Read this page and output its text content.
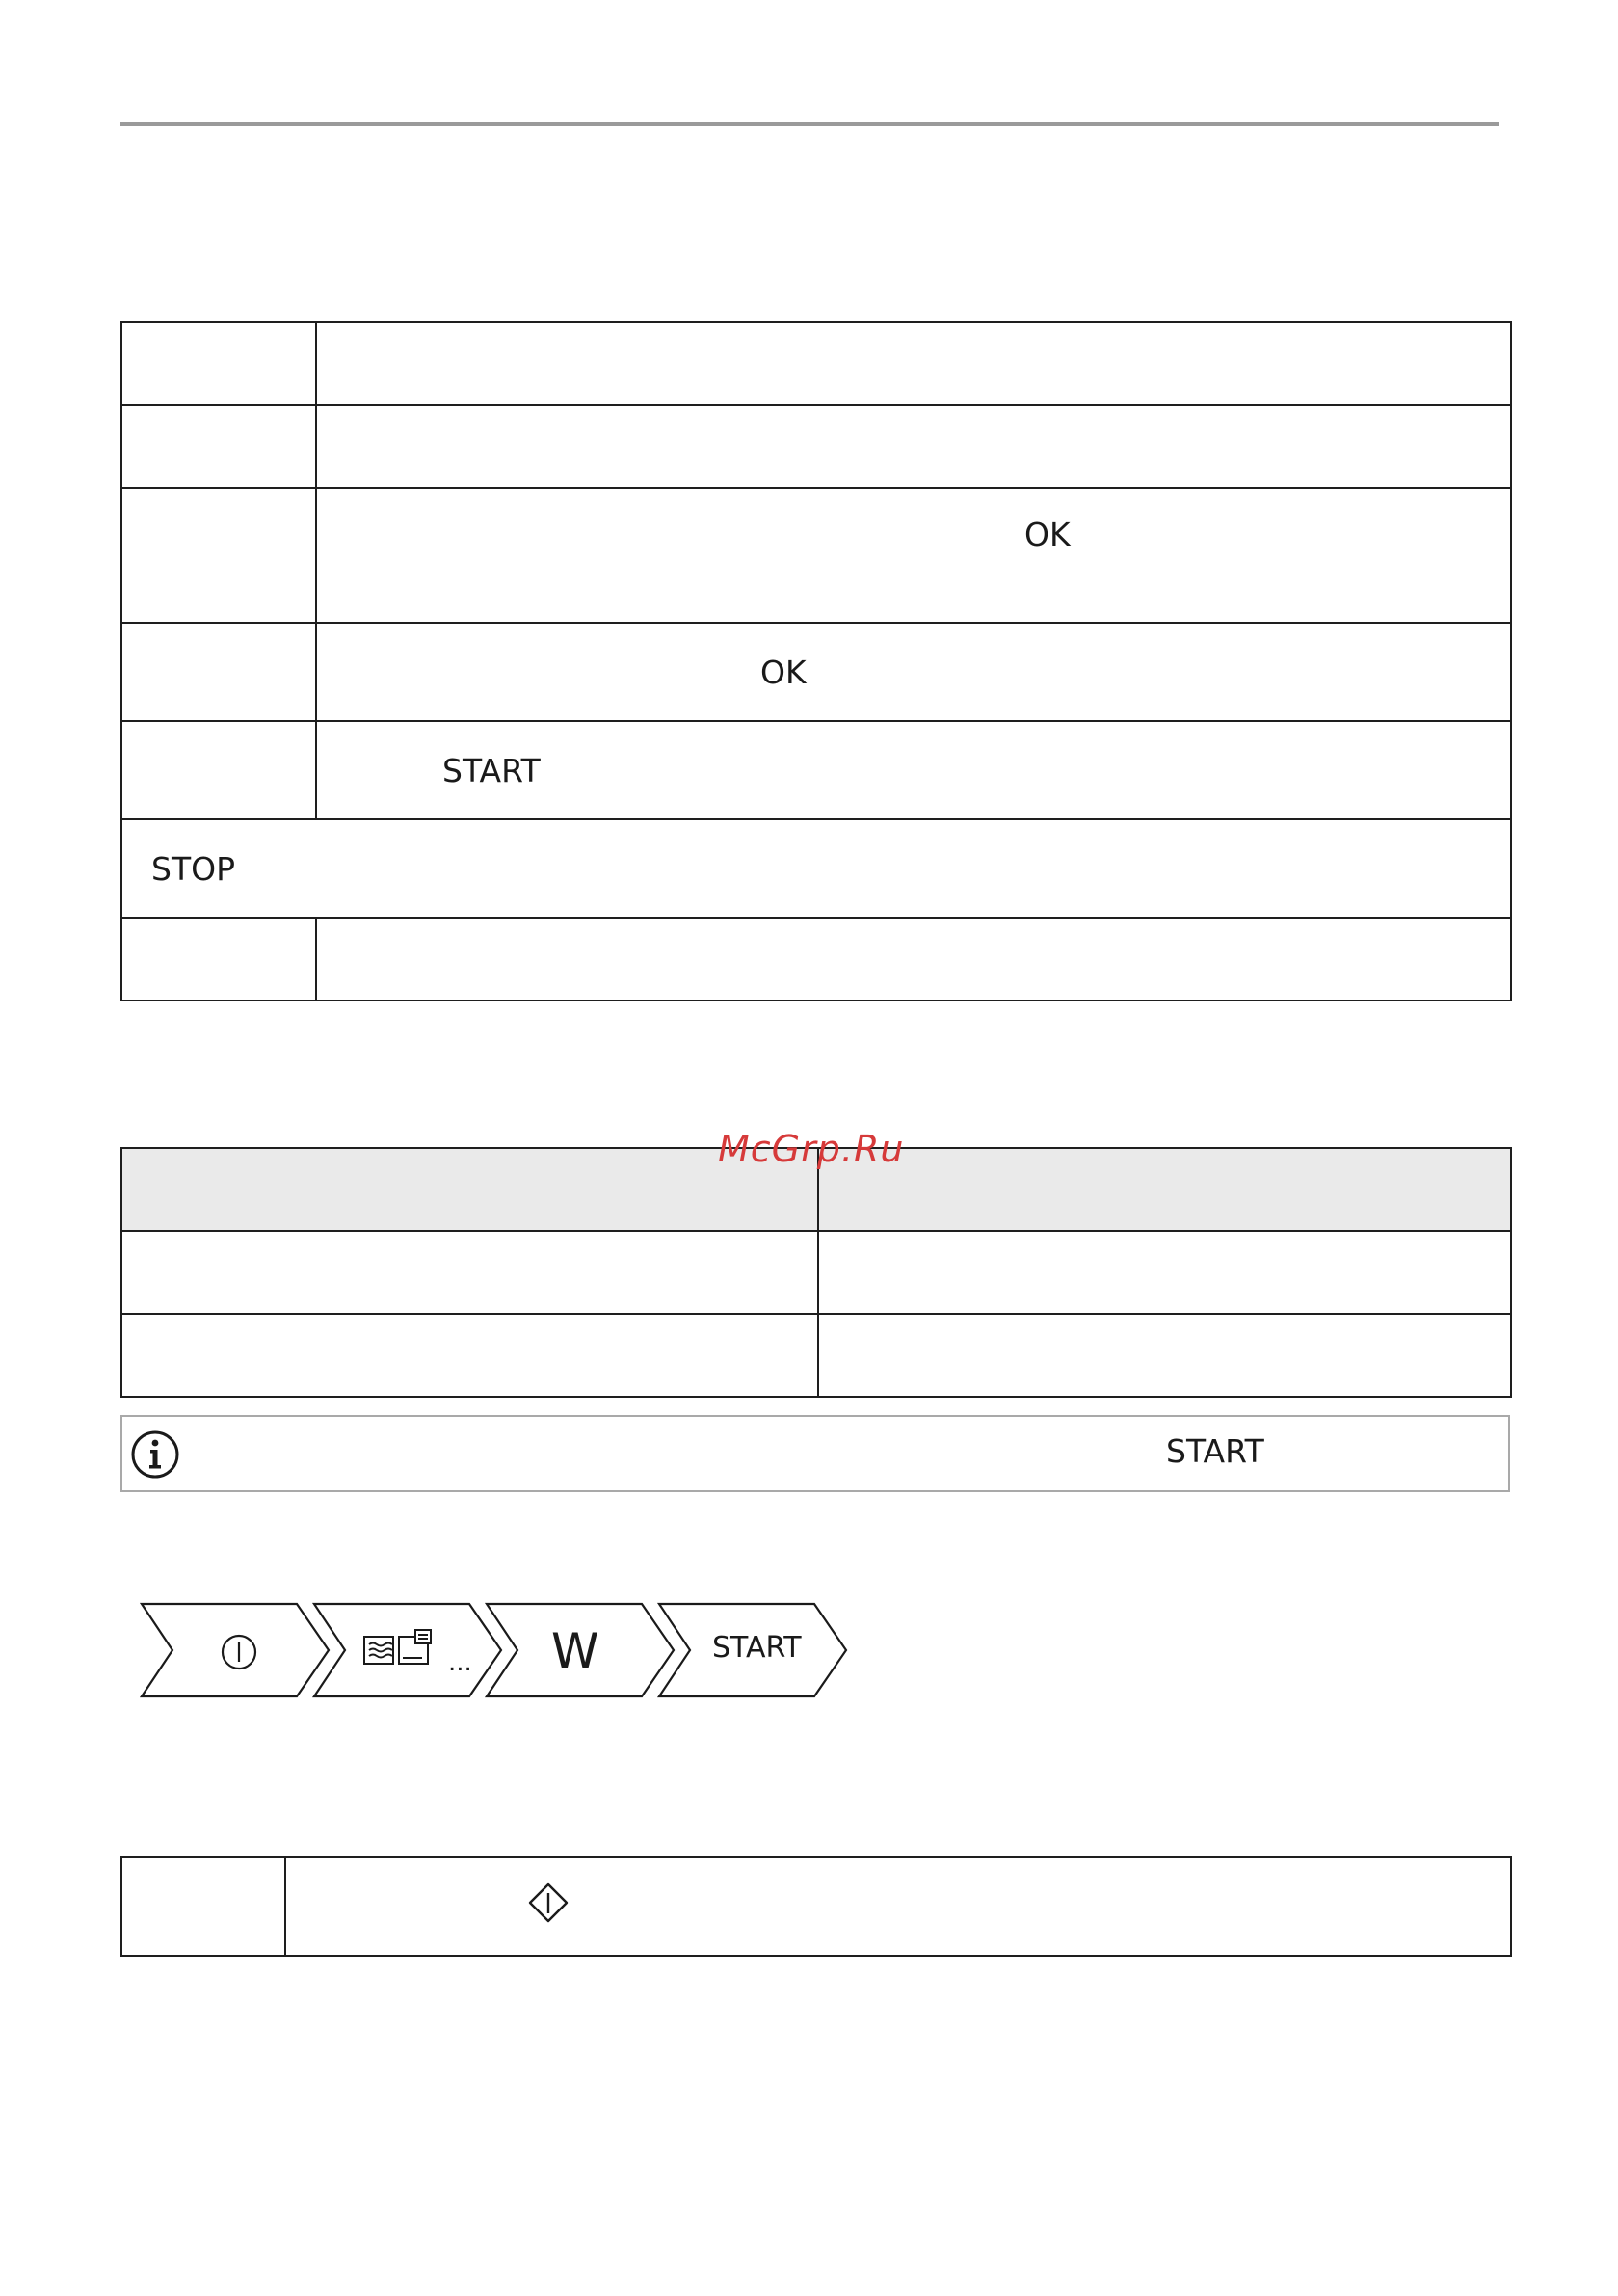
	OK
	OK
	START
STOP	

McGrp.Ru
START
... W	START
